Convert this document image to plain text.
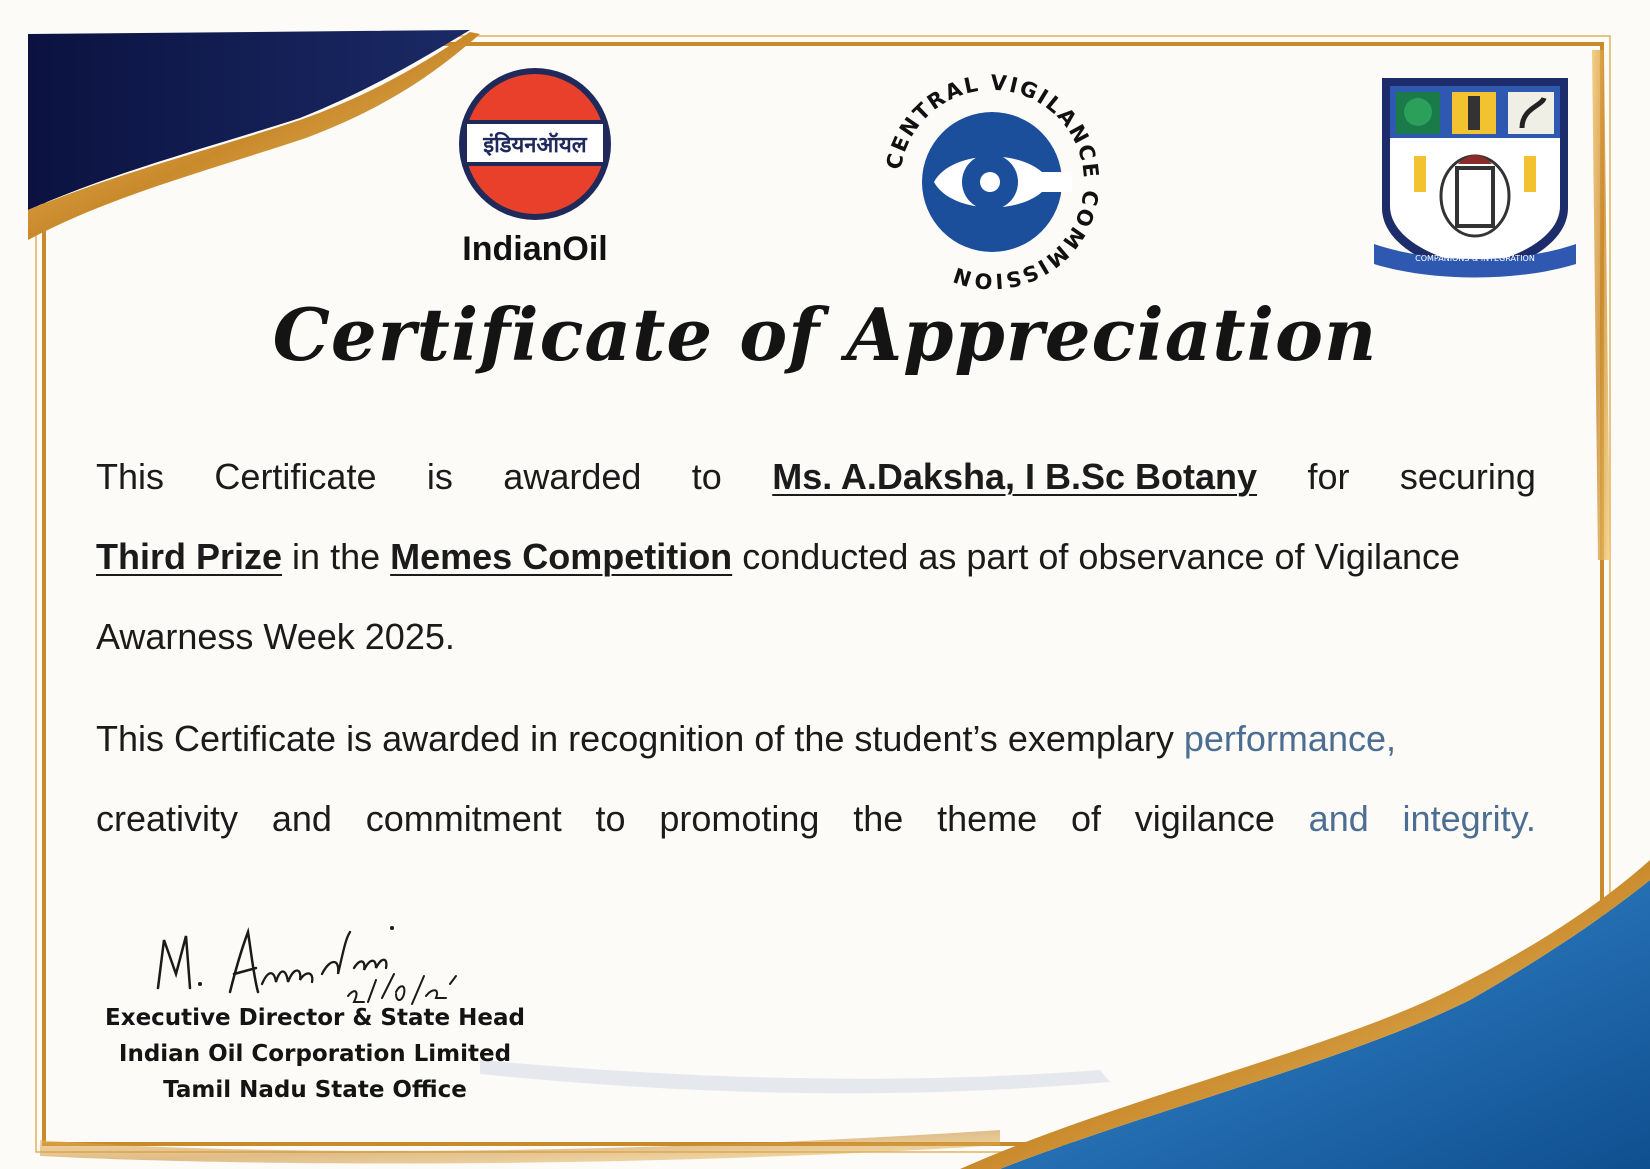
इंडियनऑयल
IndianOil
CENTRAL VIGILANCE COMMISSION
COMPANIONS & INTEGRATION
Certificate of Appreciation
This Certificate is awarded to Ms. A.Daksha, I B.Sc Botany for securing
Third Prize in the Memes Competition conducted as part of observance of Vigilance
Awarness Week 2025.
This Certificate is awarded in recognition of the student’s exemplary performance,
creativity and commitment to promoting the theme of vigilance and integrity.
Executive Director & State Head
Indian Oil Corporation Limited
Tamil Nadu State Office
